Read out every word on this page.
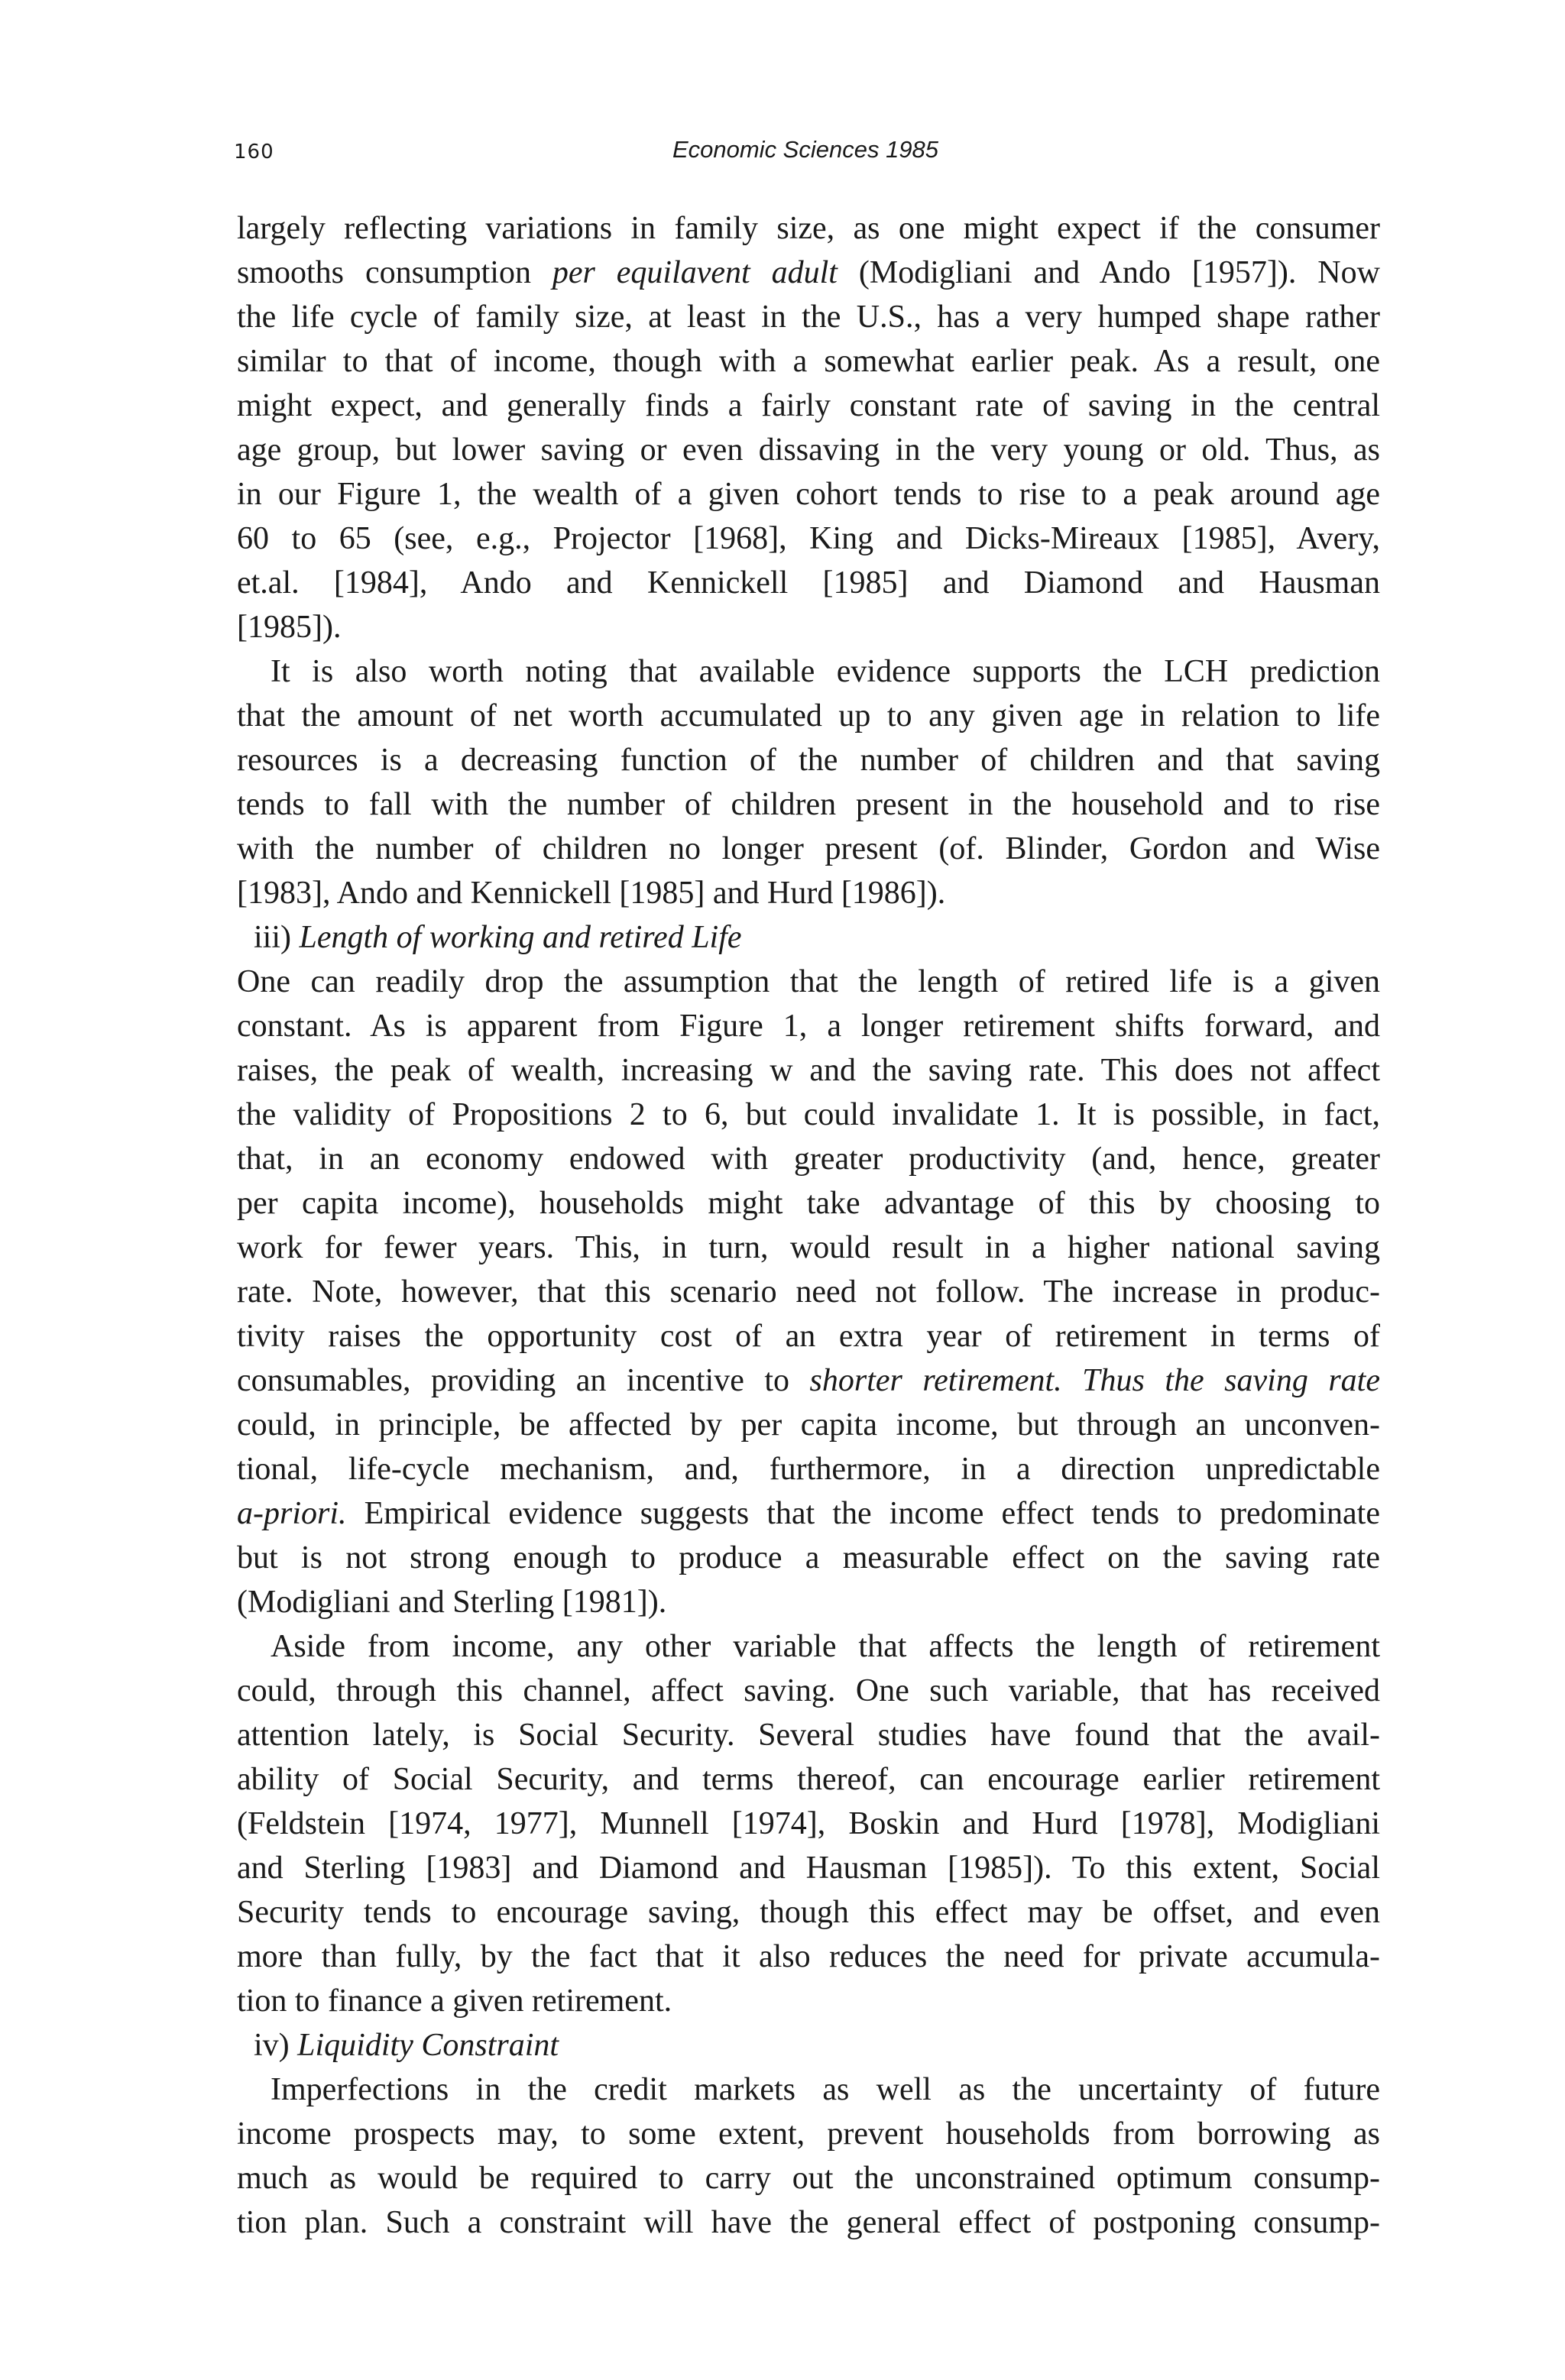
160	Economic Sciences 1985
largely reflecting variations in family size, as one might expect if the consumer
smooths consumption per equilavent adult (Modigliani and Ando [1957]). Now
the life cycle of family size, at least in the U.S., has a very humped shape rather
similar to that of income, though with a somewhat earlier peak. As a result, one
might expect, and generally finds a fairly constant rate of saving in the central
age group, but lower saving or even dissaving in the very young or old. Thus, as
in our Figure 1, the wealth of a given cohort tends to rise to a peak around age
60 to 65 (see, e.g., Projector [1968], King and Dicks-Mireaux [1985], Avery,
et.al. [1984], Ando and Kennickell [1985] and Diamond and Hausman
[1985]).
It is also worth noting that available evidence supports the LCH prediction
that the amount of net worth accumulated up to any given age in relation to life
resources is a decreasing function of the number of children and that saving
tends to fall with the number of children present in the household and to rise
with the number of children no longer present (of. Blinder, Gordon and Wise
[1983], Ando and Kennickell [1985] and Hurd [1986]).
iii) Length of working and retired Life
One can readily drop the assumption that the length of retired life is a given
constant. As is apparent from Figure 1, a longer retirement shifts forward, and
raises, the peak of wealth, increasing w and the saving rate. This does not affect
the validity of Propositions 2 to 6, but could invalidate 1. It is possible, in fact,
that, in an economy endowed with greater productivity (and, hence, greater
per capita income), households might take advantage of this by choosing to
work for fewer years. This, in turn, would result in a higher national saving
rate. Note, however, that this scenario need not follow. The increase in produc-
tivity raises the opportunity cost of an extra year of retirement in terms of
consumables, providing an incentive to shorter retirement. Thus the saving rate
could, in principle, be affected by per capita income, but through an unconven-
tional, life-cycle mechanism, and, furthermore, in a direction unpredictable
a-priori. Empirical evidence suggests that the income effect tends to predominate
but is not strong enough to produce a measurable effect on the saving rate
(Modigliani and Sterling [1981]).
Aside from income, any other variable that affects the length of retirement
could, through this channel, affect saving. One such variable, that has received
attention lately, is Social Security. Several studies have found that the avail-
ability of Social Security, and terms thereof, can encourage earlier retirement
(Feldstein [1974, 1977], Munnell [1974], Boskin and Hurd [1978], Modigliani
and Sterling [1983] and Diamond and Hausman [1985]). To this extent, Social
Security tends to encourage saving, though this effect may be offset, and even
more than fully, by the fact that it also reduces the need for private accumula-
tion to finance a given retirement.
iv) Liquidity Constraint
Imperfections in the credit markets as well as the uncertainty of future
income prospects may, to some extent, prevent households from borrowing as
much as would be required to carry out the unconstrained optimum consump-
tion plan. Such a constraint will have the general effect of postponing consump-
